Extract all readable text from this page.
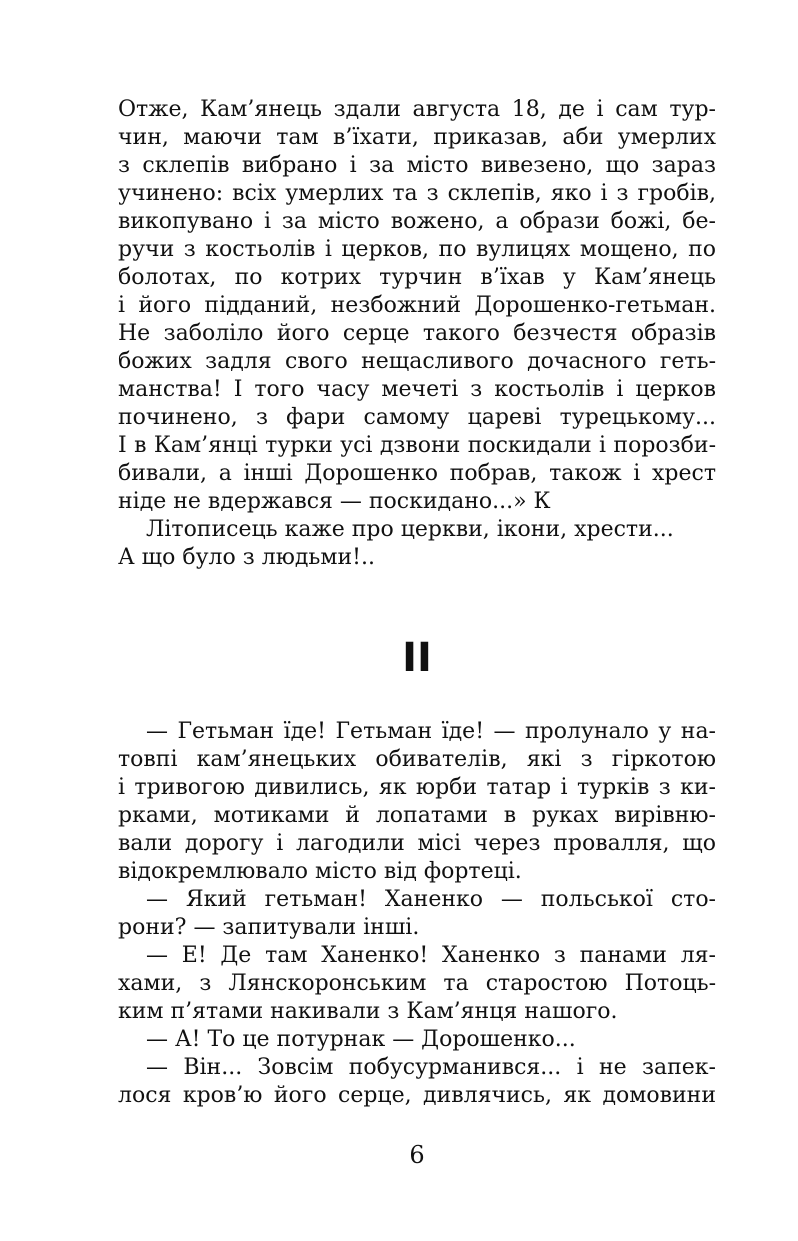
Отже, Кам’янець здали августа 18, де і сам тур-
чин, маючи там в’їхати, приказав, аби умерлих
з склепів вибрано і за місто вивезено, що зараз
учинено: всіх умерлих та з склепів, яко і з гробів,
викопувано і за місто вожено, а образи божі, бе-
ручи з костьолів і церков, по вулицях мощено, по
болотах, по котрих турчин в’їхав у Кам’янець
і його підданий, незбожний Дорошенко-гетьман.
Не заболіло його серце такого безчестя образів
божих задля свого нещасливого дочасного геть-
манства! І того часу мечеті з костьолів і церков
починено, з фари самому цареві турецькому...
І в Кам’янці турки усі дзвони поскидали і порозби-
бивали, а інші Дорошенко побрав, також і хрест
ніде не вдержався — поскидано...» К
Літописець каже про церкви, ікони, хрести...
А що було з людьми!..
II
— Гетьман їде! Гетьман їде! — пролунало у на-
товпі кам’янецьких обивателів, які з гіркотою
і тривогою дивились, як юрби татар і турків з ки-
рками, мотиками й лопатами в руках вирівню-
вали дорогу і лагодили місі через провалля, що
відокремлювало місто від фортеці.
— Який гетьман! Ханенко — польської сто-
рони? — запитували інші.
— Е! Де там Ханенко! Ханенко з панами ля-
хами, з Лянскоронським та старостою Потоць-
ким п’ятами накивали з Кам’янця нашого.
— А! То це потурнак — Дорошенко...
— Він... Зовсім побусурманився... і не запек-
лося кров’ю його серце, дивлячись, як домовини
6
